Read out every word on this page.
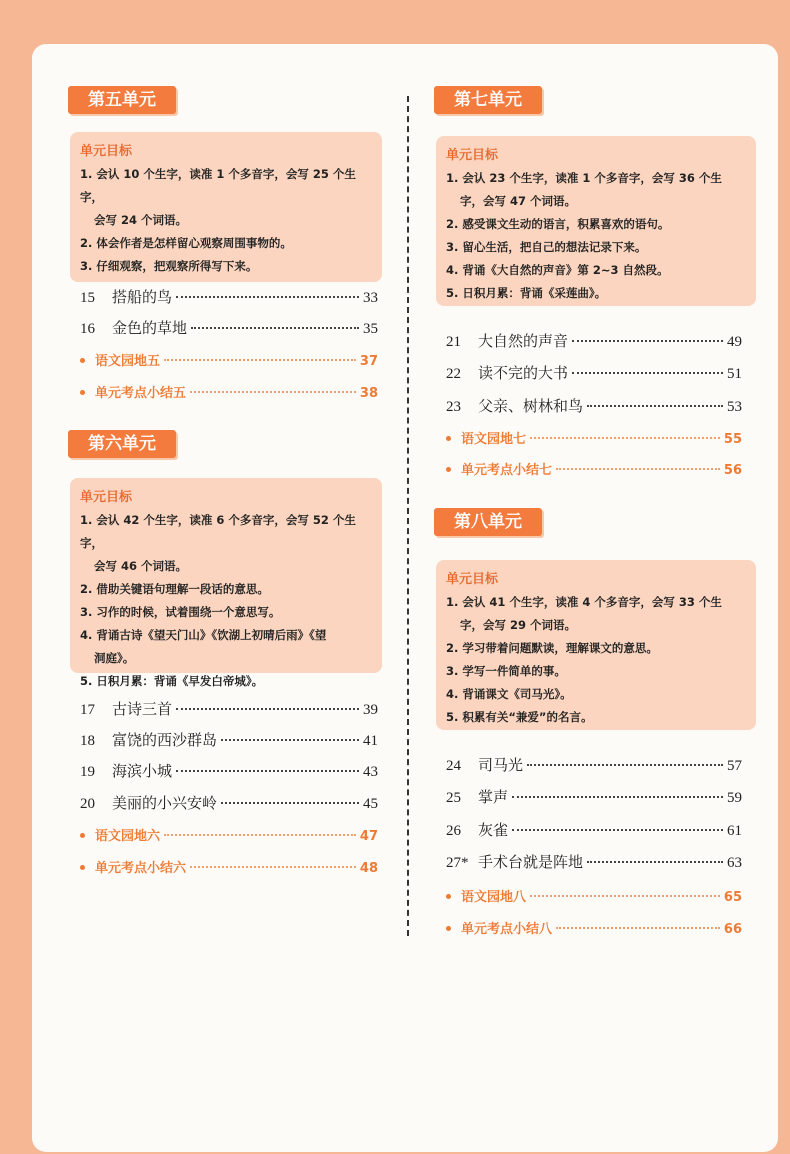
第五单元
单元目标
1. 会认 10 个生字，读准 1 个多音字，会写 25 个生字，
会写 24 个词语。
2. 体会作者是怎样留心观察周围事物的。
3. 仔细观察，把观察所得写下来。
15	搭船的鸟	33
16	金色的草地	35
语文园地五	37
单元考点小结五	38
第六单元
单元目标
1. 会认 42 个生字，读准 6 个多音字，会写 52 个生字，
会写 46 个词语。
2. 借助关键语句理解一段话的意思。
3. 习作的时候，试着围绕一个意思写。
4. 背诵古诗《望天门山》《饮湖上初晴后雨》《望
洞庭》。
5. 日积月累：背诵《早发白帝城》。
17	古诗三首	39
18	富饶的西沙群岛	41
19	海滨小城	43
20	美丽的小兴安岭	45
语文园地六	47
单元考点小结六	48
第七单元
单元目标
1. 会认 23 个生字，读准 1 个多音字，会写 36 个生
字，会写 47 个词语。
2. 感受课文生动的语言，积累喜欢的语句。
3. 留心生活，把自己的想法记录下来。
4. 背诵《大自然的声音》第 2~3 自然段。
5. 日积月累：背诵《采莲曲》。
21	大自然的声音	49
22	读不完的大书	51
23	父亲、树林和鸟	53
语文园地七	55
单元考点小结七	56
第八单元
单元目标
1. 会认 41 个生字，读准 4 个多音字，会写 33 个生
字，会写 29 个词语。
2. 学习带着问题默读，理解课文的意思。
3. 学写一件简单的事。
4. 背诵课文《司马光》。
5. 积累有关“兼爱”的名言。
24	司马光	57
25	掌声	59
26	灰雀	61
27* 手术台就是阵地	63
语文园地八	65
单元考点小结八	66
